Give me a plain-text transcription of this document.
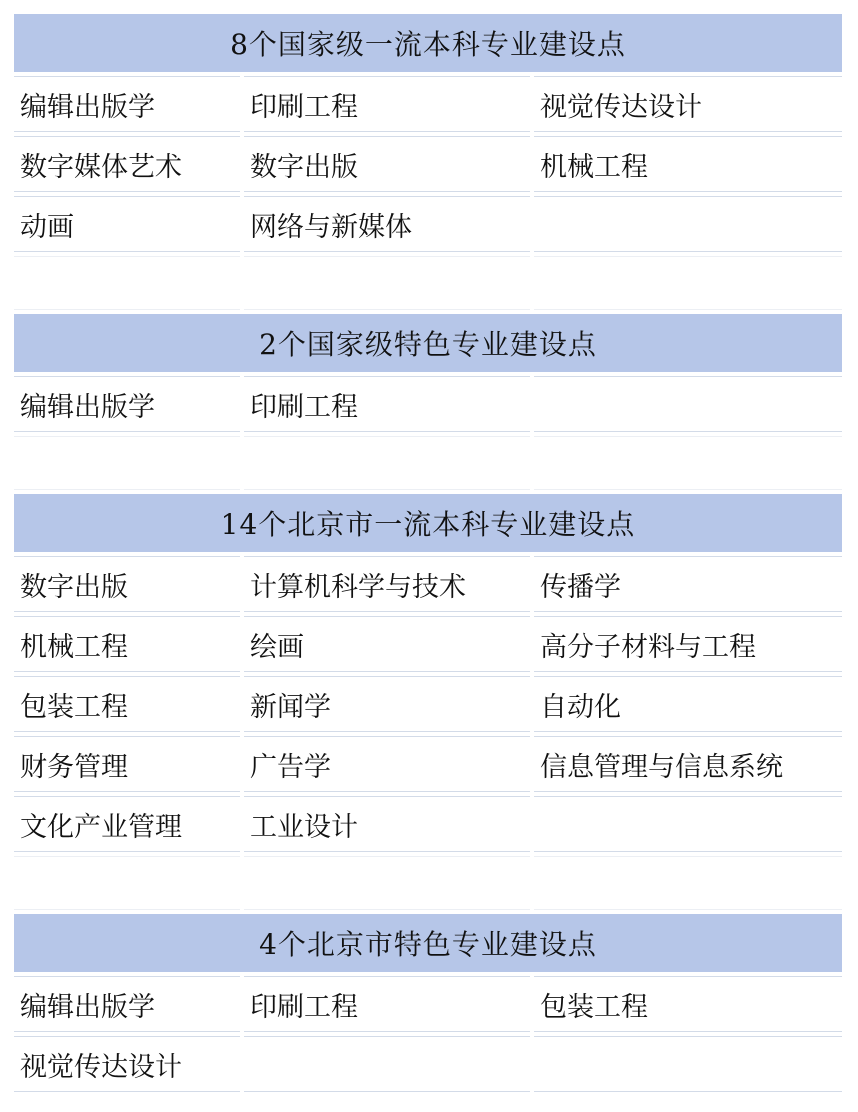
8个国家级一流本科专业建设点
编辑出版学	印刷工程	视觉传达设计
数字媒体艺术	数字出版	机械工程
动画	网络与新媒体
2个国家级特色专业建设点
编辑出版学	印刷工程
14个北京市一流本科专业建设点
数字出版	计算机科学与技术	传播学
机械工程	绘画	高分子材料与工程
包装工程	新闻学	自动化
财务管理	广告学	信息管理与信息系统
文化产业管理	工业设计
4个北京市特色专业建设点
编辑出版学	印刷工程	包装工程
视觉传达设计
